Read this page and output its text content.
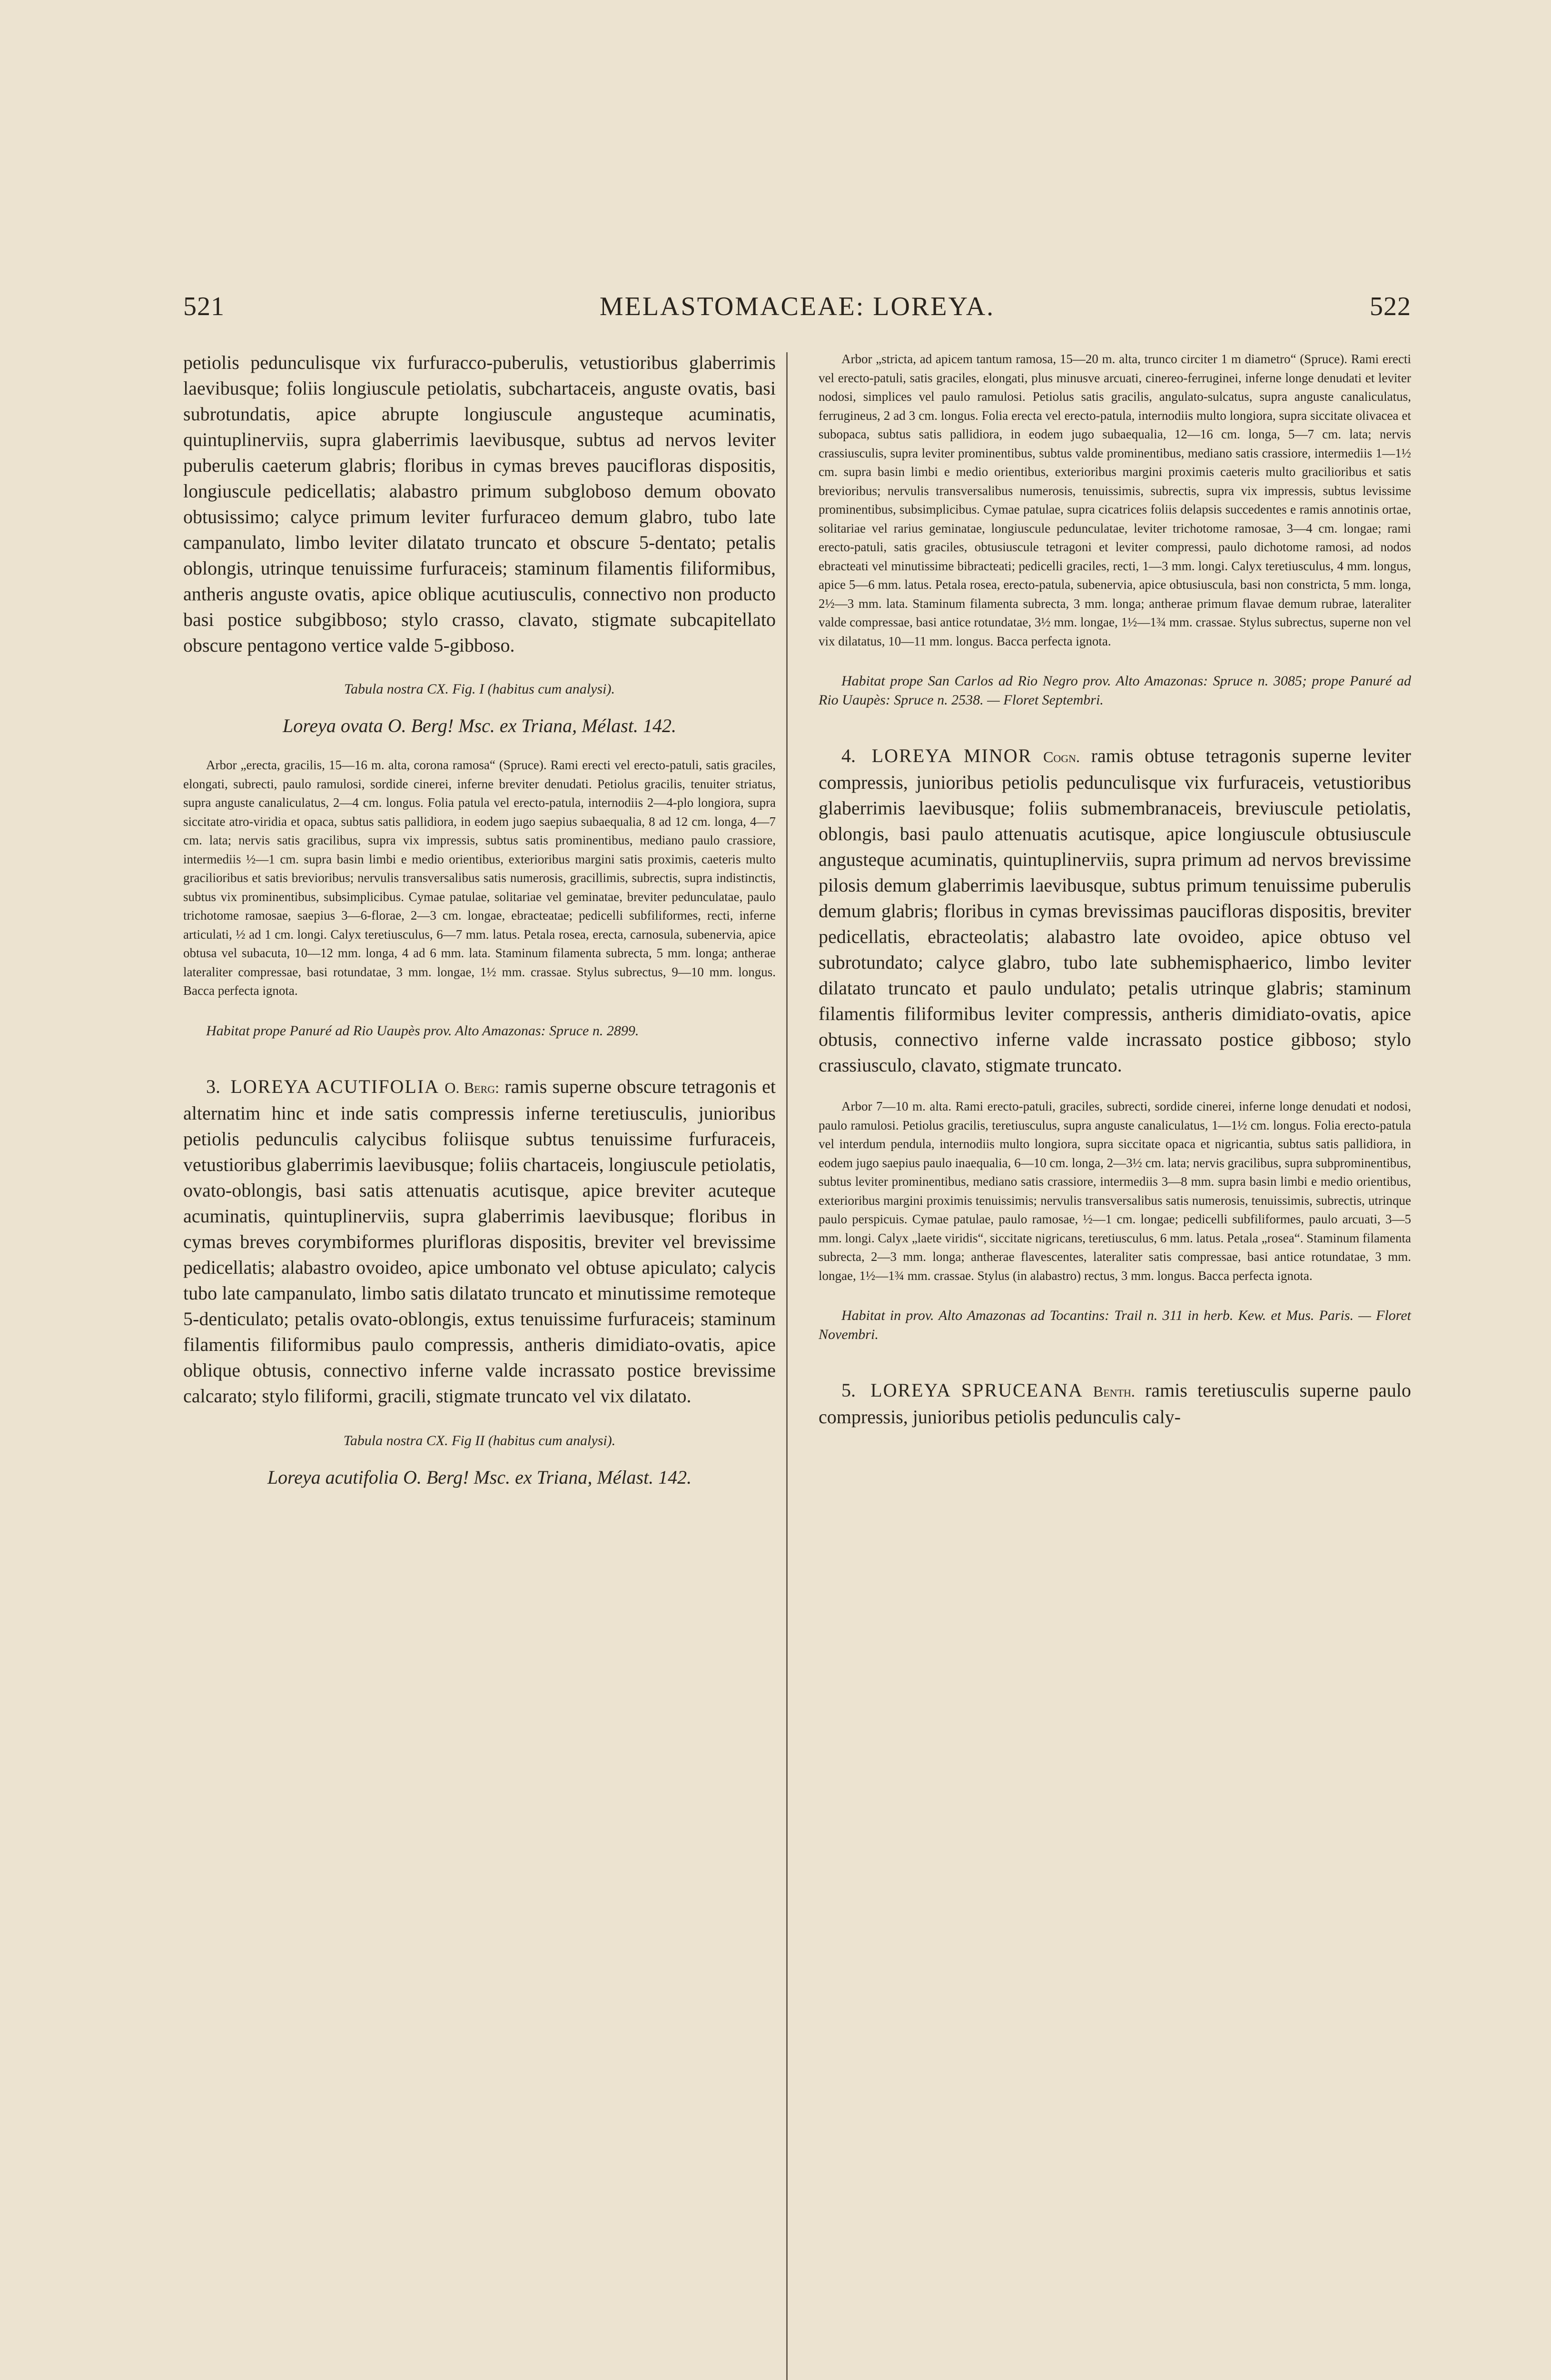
521	MELASTOMACEAE: LOREYA.	522

petiolis pedunculisque vix furfuracco-puberulis, vetustioribus glaberrimis laevibusque; foliis longiuscule petiolatis, subchartaceis, anguste ovatis, basi subrotundatis, apice abrupte longiuscule angusteque acuminatis, quintuplinerviis, supra glaberrimis laevibusque, subtus ad nervos leviter puberulis caeterum glabris; floribus in cymas breves paucifloras dispositis, longiuscule pedicellatis; alabastro primum subgloboso demum obovato obtusissimo; calyce primum leviter furfuraceo demum glabro, tubo late campanulato, limbo leviter dilatato truncato et obscure 5-dentato; petalis oblongis, utrinque tenuissime furfuraceis; staminum filamentis filiformibus, antheris anguste ovatis, apice oblique acutiusculis, connectivo non producto basi postice subgibboso; stylo crasso, clavato, stigmate subcapitellato obscure pentagono vertice valde 5-gibboso.

Tabula nostra CX. Fig. I (habitus cum analysi).

Loreya ovata O. Berg! Msc. ex Triana, Mélast. 142.

Arbor „erecta, gracilis, 15—16 m. alta, corona ramosa“ (Spruce). Rami erecti vel erecto-patuli, satis graciles, elongati, subrecti, paulo ramulosi, sordide cinerei, inferne breviter denudati. Petiolus gracilis, tenuiter striatus, supra anguste canaliculatus, 2—4 cm. longus. Folia patula vel erecto-patula, internodiis 2—4-plo longiora, supra siccitate atro-viridia et opaca, subtus satis pallidiora, in eodem jugo saepius subaequalia, 8 ad 12 cm. longa, 4—7 cm. lata; nervis satis gracilibus, supra vix impressis, subtus satis prominentibus, mediano paulo crassiore, intermediis ½—1 cm. supra basin limbi e medio orientibus, exterioribus margini satis proximis, caeteris multo gracilioribus et satis brevioribus; nervulis transversalibus satis numerosis, gracillimis, subrectis, supra indistinctis, subtus vix prominentibus, subsimplicibus. Cymae patulae, solitariae vel geminatae, breviter pedunculatae, paulo trichotome ramosae, saepius 3—6-florae, 2—3 cm. longae, ebracteatae; pedicelli subfiliformes, recti, inferne articulati, ½ ad 1 cm. longi. Calyx teretiusculus, 6—7 mm. latus. Petala rosea, erecta, carnosula, subenervia, apice obtusa vel subacuta, 10—12 mm. longa, 4 ad 6 mm. lata. Staminum filamenta subrecta, 5 mm. longa; antherae lateraliter compressae, basi rotundatae, 3 mm. longae, 1½ mm. crassae. Stylus subrectus, 9—10 mm. longus. Bacca perfecta ignota.

Habitat prope Panuré ad Rio Uaupès prov. Alto Amazonas: Spruce n. 2899.

3. LOREYA ACUTIFOLIA O. Berg: ramis superne obscure tetragonis et alternatim hinc et inde satis compressis inferne teretiusculis, junioribus petiolis pedunculis calycibus foliisque subtus tenuissime furfuraceis, vetustioribus glaberrimis laevibusque; foliis chartaceis, longiuscule petiolatis, ovato-oblongis, basi satis attenuatis acutisque, apice breviter acuteque acuminatis, quintuplinerviis, supra glaberrimis laevibusque; floribus in cymas breves corymbiformes plurifloras dispositis, breviter vel brevissime pedicellatis; alabastro ovoideo, apice umbonato vel obtuse apiculato; calycis tubo late campanulato, limbo satis dilatato truncato et minutissime remoteque 5-denticulato; petalis ovato-oblongis, extus tenuissime furfuraceis; staminum filamentis filiformibus paulo compressis, antheris dimidiato-ovatis, apice oblique obtusis, connectivo inferne valde incrassato postice brevissime calcarato; stylo filiformi, gracili, stigmate truncato vel vix dilatato.

Tabula nostra CX. Fig II (habitus cum analysi).

Loreya acutifolia O. Berg! Msc. ex Triana, Mélast. 142.

Arbor „stricta, ad apicem tantum ramosa, 15—20 m. alta, trunco circiter 1 m diametro“ (Spruce). Rami erecti vel erecto-patuli, satis graciles, elongati, plus minusve arcuati, cinereo-ferruginei, inferne longe denudati et leviter nodosi, simplices vel paulo ramulosi. Petiolus satis gracilis, angulato-sulcatus, supra anguste canaliculatus, ferrugineus, 2 ad 3 cm. longus. Folia erecta vel erecto-patula, internodiis multo longiora, supra siccitate olivacea et subopaca, subtus satis pallidiora, in eodem jugo subaequalia, 12—16 cm. longa, 5—7 cm. lata; nervis crassiusculis, supra leviter prominentibus, subtus valde prominentibus, mediano satis crassiore, intermediis 1—1½ cm. supra basin limbi e medio orientibus, exterioribus margini proximis caeteris multo gracilioribus et satis brevioribus; nervulis transversalibus numerosis, tenuissimis, subrectis, supra vix impressis, subtus levissime prominentibus, subsimplicibus. Cymae patulae, supra cicatrices foliis delapsis succedentes e ramis annotinis ortae, solitariae vel rarius geminatae, longiuscule pedunculatae, leviter trichotome ramosae, 3—4 cm. longae; rami erecto-patuli, satis graciles, obtusiuscule tetragoni et leviter compressi, paulo dichotome ramosi, ad nodos ebracteati vel minutissime bibracteati; pedicelli graciles, recti, 1—3 mm. longi. Calyx teretiusculus, 4 mm. longus, apice 5—6 mm. latus. Petala rosea, erecto-patula, subenervia, apice obtusiuscula, basi non constricta, 5 mm. longa, 2½—3 mm. lata. Staminum filamenta subrecta, 3 mm. longa; antherae primum flavae demum rubrae, lateraliter valde compressae, basi antice rotundatae, 3½ mm. longae, 1½—1¾ mm. crassae. Stylus subrectus, superne non vel vix dilatatus, 10—11 mm. longus. Bacca perfecta ignota.

Habitat prope San Carlos ad Rio Negro prov. Alto Amazonas: Spruce n. 3085; prope Panuré ad Rio Uaupès: Spruce n. 2538. — Floret Septembri.

4. LOREYA MINOR Cogn. ramis obtuse tetragonis superne leviter compressis, junioribus petiolis pedunculisque vix furfuraceis, vetustioribus glaberrimis laevibusque; foliis submembranaceis, breviuscule petiolatis, oblongis, basi paulo attenuatis acutisque, apice longiuscule obtusiuscule angusteque acuminatis, quintuplinerviis, supra primum ad nervos brevissime pilosis demum glaberrimis laevibusque, subtus primum tenuissime puberulis demum glabris; floribus in cymas brevissimas paucifloras dispositis, breviter pedicellatis, ebracteolatis; alabastro late ovoideo, apice obtuso vel subrotundato; calyce glabro, tubo late subhemisphaerico, limbo leviter dilatato truncato et paulo undulato; petalis utrinque glabris; staminum filamentis filiformibus leviter compressis, antheris dimidiato-ovatis, apice obtusis, connectivo inferne valde incrassato postice gibboso; stylo crassiusculo, clavato, stigmate truncato.

Arbor 7—10 m. alta. Rami erecto-patuli, graciles, subrecti, sordide cinerei, inferne longe denudati et nodosi, paulo ramulosi. Petiolus gracilis, teretiusculus, supra anguste canaliculatus, 1—1½ cm. longus. Folia erecto-patula vel interdum pendula, internodiis multo longiora, supra siccitate opaca et nigricantia, subtus satis pallidiora, in eodem jugo saepius paulo inaequalia, 6—10 cm. longa, 2—3½ cm. lata; nervis gracilibus, supra subprominentibus, subtus leviter prominentibus, mediano satis crassiore, intermediis 3—8 mm. supra basin limbi e medio orientibus, exterioribus margini proximis tenuissimis; nervulis transversalibus satis numerosis, tenuissimis, subrectis, utrinque paulo perspicuis. Cymae patulae, paulo ramosae, ½—1 cm. longae; pedicelli subfiliformes, paulo arcuati, 3—5 mm. longi. Calyx „laete viridis“, siccitate nigricans, teretiusculus, 6 mm. latus. Petala „rosea“. Staminum filamenta subrecta, 2—3 mm. longa; antherae flavescentes, lateraliter satis compressae, basi antice rotundatae, 3 mm. longae, 1½—1¾ mm. crassae. Stylus (in alabastro) rectus, 3 mm. longus. Bacca perfecta ignota.

Habitat in prov. Alto Amazonas ad Tocantins: Trail n. 311 in herb. Kew. et Mus. Paris. — Floret Novembri.

5. LOREYA SPRUCEANA Benth. ramis teretiusculis superne paulo compressis, junioribus petiolis pedunculis caly-
